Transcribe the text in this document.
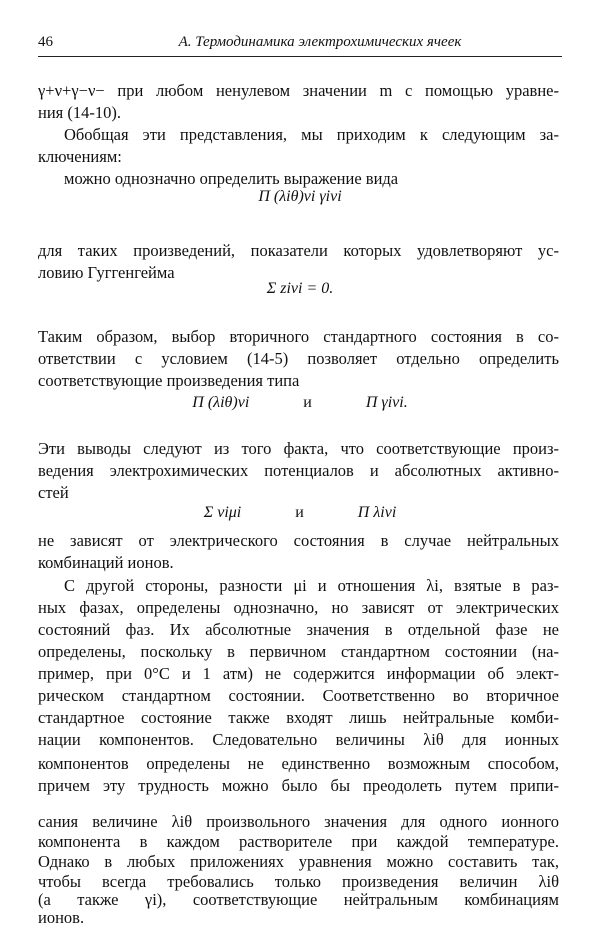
46	А. Термодинамика электрохимических ячеек
γ+ν+γ−ν− при любом ненулевом значении m с помощью уравне-
ния (14-10).
Обобщая эти представления, мы приходим к следующим за-
ключениям:
можно однозначно определить выражение вида
Π (λiθ)νi γiνi
для таких произведений, показатели которых удовлетворяют ус-
ловию Гуггенгейма
Σ ziνi = 0.
Таким образом, выбор вторичного стандартного состояния в со-
ответствии с условием (14-5) позволяет отдельно определить
соответствующие произведения типа
Π (λiθ)νi	и	Π γiνi.
Эти выводы следуют из того факта, что соответствующие произ-
ведения электрохимических потенциалов и абсолютных активно-
стей
Σ νiμi	и	Π λiνi
не зависят от электрического состояния в случае нейтральных
комбинаций ионов.
С другой стороны, разности μi и отношения λi, взятые в раз-
ных фазах, определены однозначно, но зависят от электрических
состояний фаз. Их абсолютные значения в отдельной фазе не
определены, поскольку в первичном стандартном состоянии (на-
пример, при 0°C и 1 атм) не содержится информации об элект-
рическом стандартном состоянии. Соответственно во вторичное
стандартное состояние также входят лишь нейтральные комби-
нации компонентов. Следовательно величины λiθ для ионных
компонентов определены не единственно возможным способом,
причем эту трудность можно было бы преодолеть путем припи-
сания величине λiθ произвольного значения для одного ионного
компонента в каждом растворителе при каждой температуре.
Однако в любых приложениях уравнения можно составить так,
чтобы всегда требовались только произведения величин λiθ
(а также γi), соответствующие нейтральным комбинациям
ионов.
